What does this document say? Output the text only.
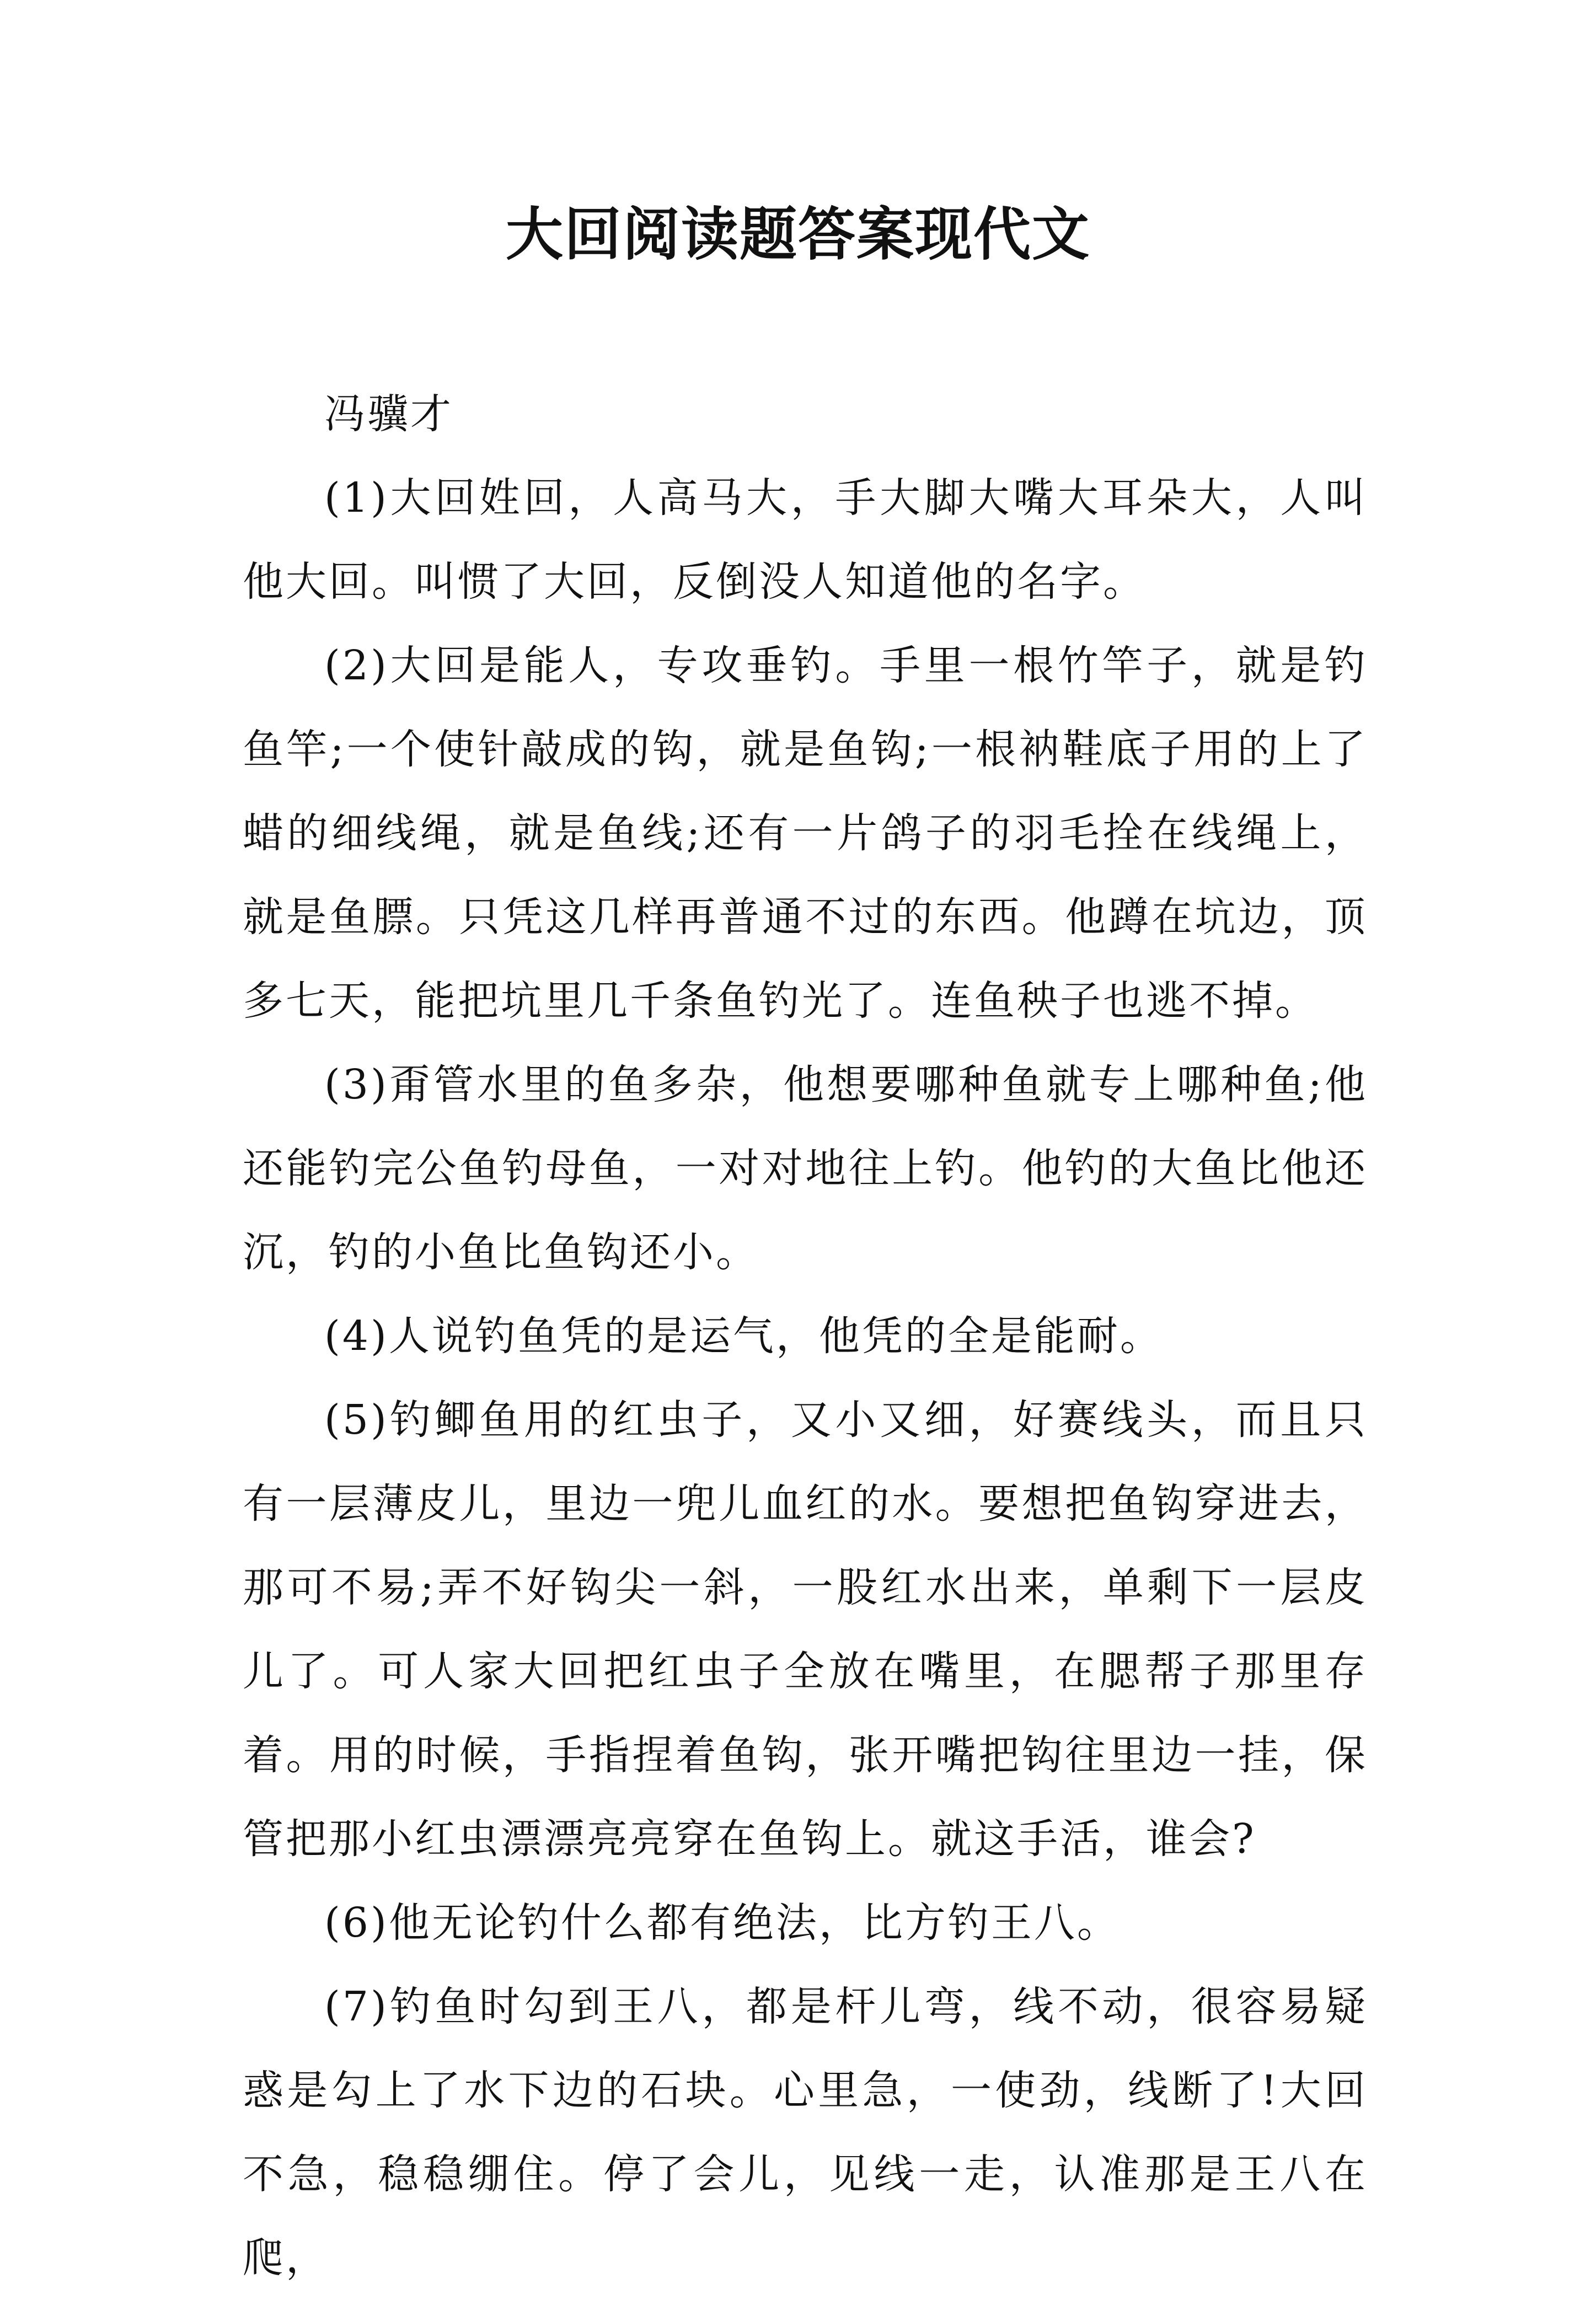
大回阅读题答案现代文

冯骥才

(1)大回姓回，人高马大，手大脚大嘴大耳朵大，人叫他大回。叫惯了大回，反倒没人知道他的名字。

(2)大回是能人，专攻垂钓。手里一根竹竿子，就是钓鱼竿;一个使针敲成的钩，就是鱼钩;一根衲鞋底子用的上了蜡的细线绳，就是鱼线;还有一片鸽子的羽毛拴在线绳上，就是鱼膘。只凭这几样再普通不过的东西。他蹲在坑边，顶多七天，能把坑里几千条鱼钓光了。连鱼秧子也逃不掉。

(3)甭管水里的鱼多杂，他想要哪种鱼就专上哪种鱼;他还能钓完公鱼钓母鱼，一对对地往上钓。他钓的大鱼比他还沉，钓的小鱼比鱼钩还小。

(4)人说钓鱼凭的是运气，他凭的全是能耐。

(5)钓鲫鱼用的红虫子，又小又细，好赛线头，而且只有一层薄皮儿，里边一兜儿血红的水。要想把鱼钩穿进去，那可不易;弄不好钩尖一斜，一股红水出来，单剩下一层皮儿了。可人家大回把红虫子全放在嘴里，在腮帮子那里存着。用的时候，手指捏着鱼钩，张开嘴把钩往里边一挂，保管把那小红虫漂漂亮亮穿在鱼钩上。就这手活，谁会?

(6)他无论钓什么都有绝法，比方钓王八。

(7)钓鱼时勾到王八，都是杆儿弯，线不动，很容易疑惑是勾上了水下边的石块。心里急，一使劲，线断了!大回不急，稳稳绷住。停了会儿，见线一走，认准那是王八在爬，
